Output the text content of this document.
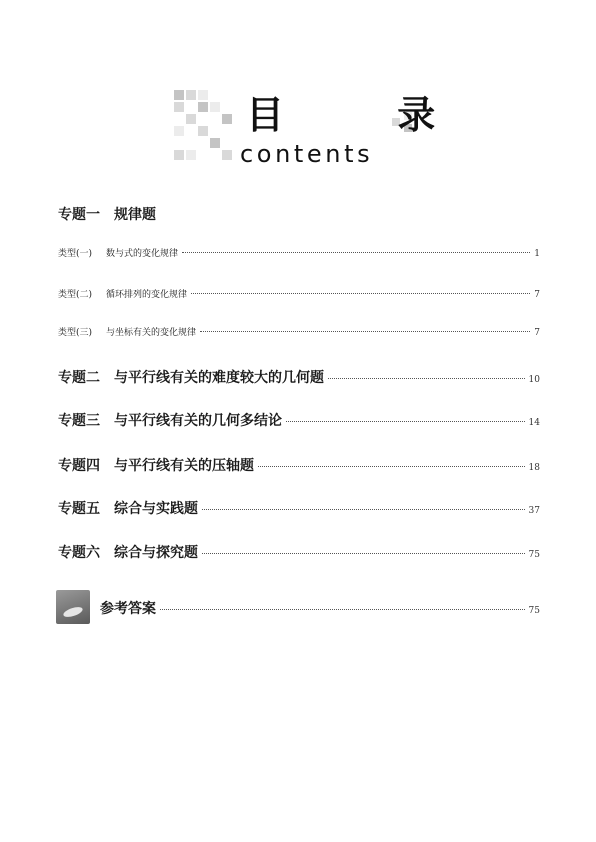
目 录
contents
专题一 规律题
类型(一) 数与式的变化规律	1
类型(二) 循环排列的变化规律	7
类型(三) 与坐标有关的变化规律	7
专题二 与平行线有关的难度较大的几何题	10
专题三 与平行线有关的几何多结论	14
专题四 与平行线有关的压轴题	18
专题五 综合与实践题	37
专题六 综合与探究题	75
参考答案	75
